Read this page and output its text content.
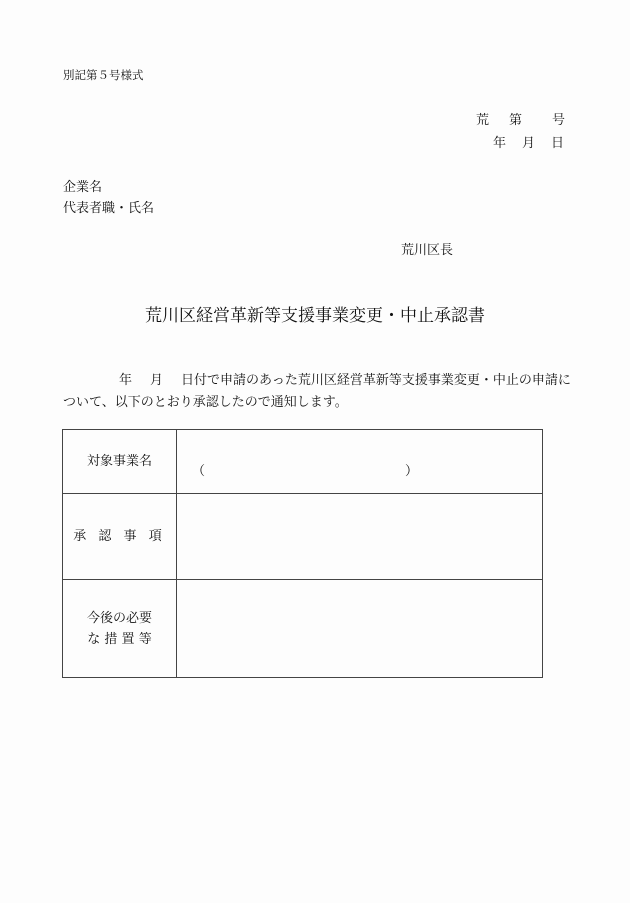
別記第５号様式
荒 第 号
年 月 日
企業名
代表者職・氏名
荒川区長
荒川区経営革新等支援事業変更・中止承認書
年 月 日付で申請のあった荒川区経営革新等支援事業変更・中止の申請について、以下のとおり承認したので通知します。
対象事業名	（ ）

承 認 事 項	

今後の必要
な 措 置 等	
